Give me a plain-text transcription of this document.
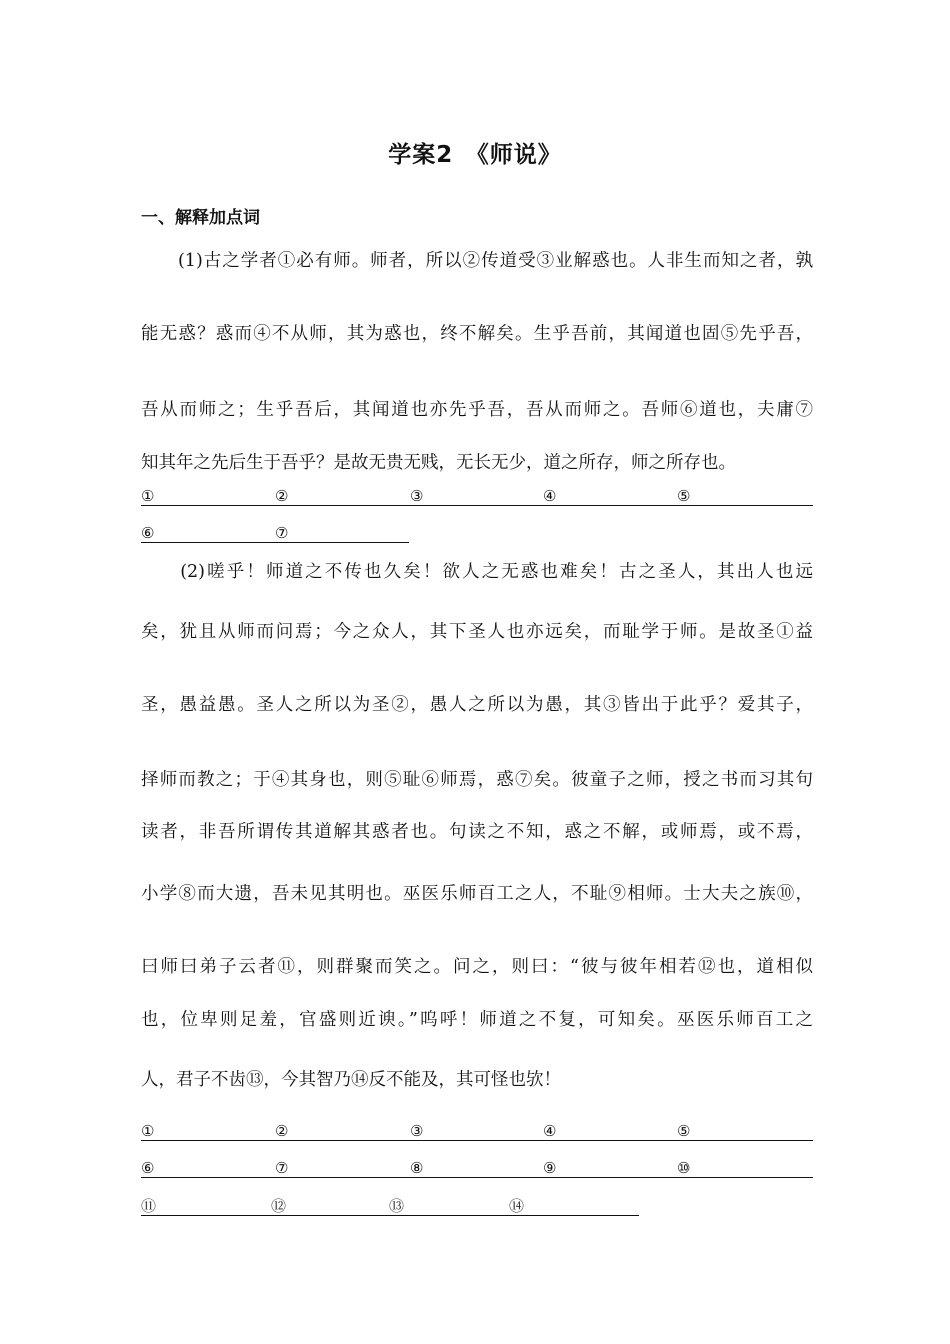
学案2　《师说》
一、解释加点词
　　(1)古之学者①必有师。师者，所以②传道受③业解惑也。人非生而知之者，孰
能无惑？惑而④不从师，其为惑也，终不解矣。生乎吾前，其闻道也固⑤先乎吾，
吾从而师之；生乎吾后，其闻道也亦先乎吾，吾从而师之。吾师⑥道也，夫庸⑦
知其年之先后生于吾乎？是故无贵无贱，无长无少，道之所存，师之所存也。
①	②	③	④	⑤
⑥	⑦
　　(2)嗟乎！师道之不传也久矣！欲人之无惑也难矣！古之圣人，其出人也远
矣，犹且从师而问焉；今之众人，其下圣人也亦远矣，而耻学于师。是故圣①益
圣，愚益愚。圣人之所以为圣②，愚人之所以为愚，其③皆出于此乎？爱其子，
择师而教之；于④其身也，则⑤耻⑥师焉，惑⑦矣。彼童子之师，授之书而习其句
读者，非吾所谓传其道解其惑者也。句读之不知，惑之不解，或师焉，或不焉，
小学⑧而大遗，吾未见其明也。巫医乐师百工之人，不耻⑨相师。士大夫之族⑩，
曰师曰弟子云者⑪，则群聚而笑之。问之，则曰：“彼与彼年相若⑫也，道相似
也，位卑则足羞，官盛则近谀。”呜呼！师道之不复，可知矣。巫医乐师百工之
人，君子不齿⑬，今其智乃⑭反不能及，其可怪也欤！
①	②	③	④	⑤
⑥	⑦	⑧	⑨	⑩
⑪	⑫	⑬	⑭
